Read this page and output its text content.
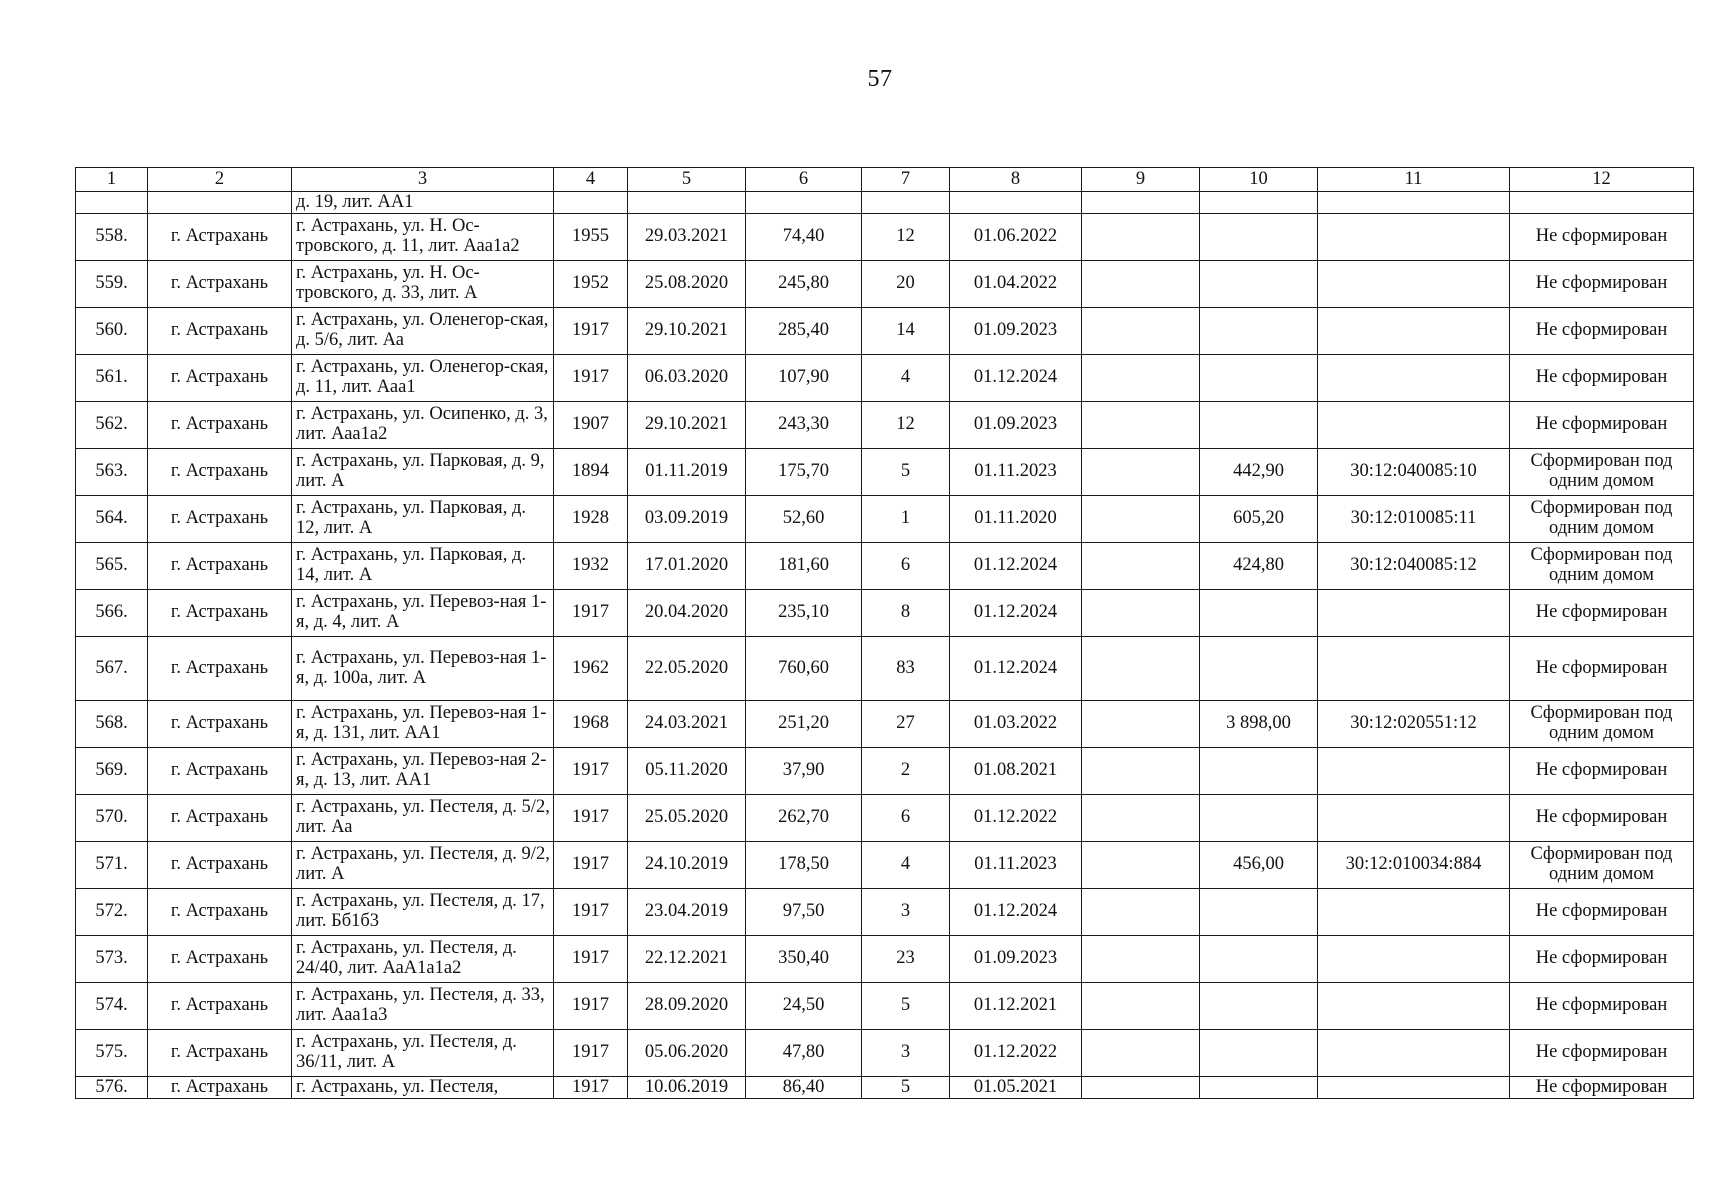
57
1	2	3	4	5	6	7	8	9	10	11	12
		д. 19, лит. АА1									
558.	г. Астрахань	г. Астрахань, ул. Н. Ос-тровского, д. 11, лит. Ааа1а2	1955	29.03.2021	74,40	12	01.06.2022				Не сформирован
559.	г. Астрахань	г. Астрахань, ул. Н. Ос-тровского, д. 33, лит. А	1952	25.08.2020	245,80	20	01.04.2022				Не сформирован
560.	г. Астрахань	г. Астрахань, ул. Оленегор-ская, д. 5/6, лит. Аа	1917	29.10.2021	285,40	14	01.09.2023				Не сформирован
561.	г. Астрахань	г. Астрахань, ул. Оленегор-ская, д. 11, лит. Ааа1	1917	06.03.2020	107,90	4	01.12.2024				Не сформирован
562.	г. Астрахань	г. Астрахань, ул. Осипенко, д. 3, лит. Ааа1а2	1907	29.10.2021	243,30	12	01.09.2023				Не сформирован
563.	г. Астрахань	г. Астрахань, ул. Парковая, д. 9, лит. А	1894	01.11.2019	175,70	5	01.11.2023		442,90	30:12:040085:10	Сформирован под одним домом
564.	г. Астрахань	г. Астрахань, ул. Парковая, д. 12, лит. А	1928	03.09.2019	52,60	1	01.11.2020		605,20	30:12:010085:11	Сформирован под одним домом
565.	г. Астрахань	г. Астрахань, ул. Парковая, д. 14, лит. А	1932	17.01.2020	181,60	6	01.12.2024		424,80	30:12:040085:12	Сформирован под одним домом
566.	г. Астрахань	г. Астрахань, ул. Перевоз-ная 1-я, д. 4, лит. А	1917	20.04.2020	235,10	8	01.12.2024				Не сформирован
567.	г. Астрахань	г. Астрахань, ул. Перевоз-ная 1-я, д. 100а, лит. А	1962	22.05.2020	760,60	83	01.12.2024				Не сформирован
568.	г. Астрахань	г. Астрахань, ул. Перевоз-ная 1-я, д. 131, лит. АА1	1968	24.03.2021	251,20	27	01.03.2022		3 898,00	30:12:020551:12	Сформирован под одним домом
569.	г. Астрахань	г. Астрахань, ул. Перевоз-ная 2-я, д. 13, лит. АА1	1917	05.11.2020	37,90	2	01.08.2021				Не сформирован
570.	г. Астрахань	г. Астрахань, ул. Пестеля, д. 5/2, лит. Аа	1917	25.05.2020	262,70	6	01.12.2022				Не сформирован
571.	г. Астрахань	г. Астрахань, ул. Пестеля, д. 9/2, лит. А	1917	24.10.2019	178,50	4	01.11.2023		456,00	30:12:010034:884	Сформирован под одним домом
572.	г. Астрахань	г. Астрахань, ул. Пестеля, д. 17, лит. Бб1б3	1917	23.04.2019	97,50	3	01.12.2024				Не сформирован
573.	г. Астрахань	г. Астрахань, ул. Пестеля, д. 24/40, лит. АаА1а1а2	1917	22.12.2021	350,40	23	01.09.2023				Не сформирован
574.	г. Астрахань	г. Астрахань, ул. Пестеля, д. 33, лит. Ааа1а3	1917	28.09.2020	24,50	5	01.12.2021				Не сформирован
575.	г. Астрахань	г. Астрахань, ул. Пестеля, д. 36/11, лит. А	1917	05.06.2020	47,80	3	01.12.2022				Не сформирован
576.	г. Астрахань	г. Астрахань, ул. Пестеля,	1917	10.06.2019	86,40	5	01.05.2021				Не сформирован
